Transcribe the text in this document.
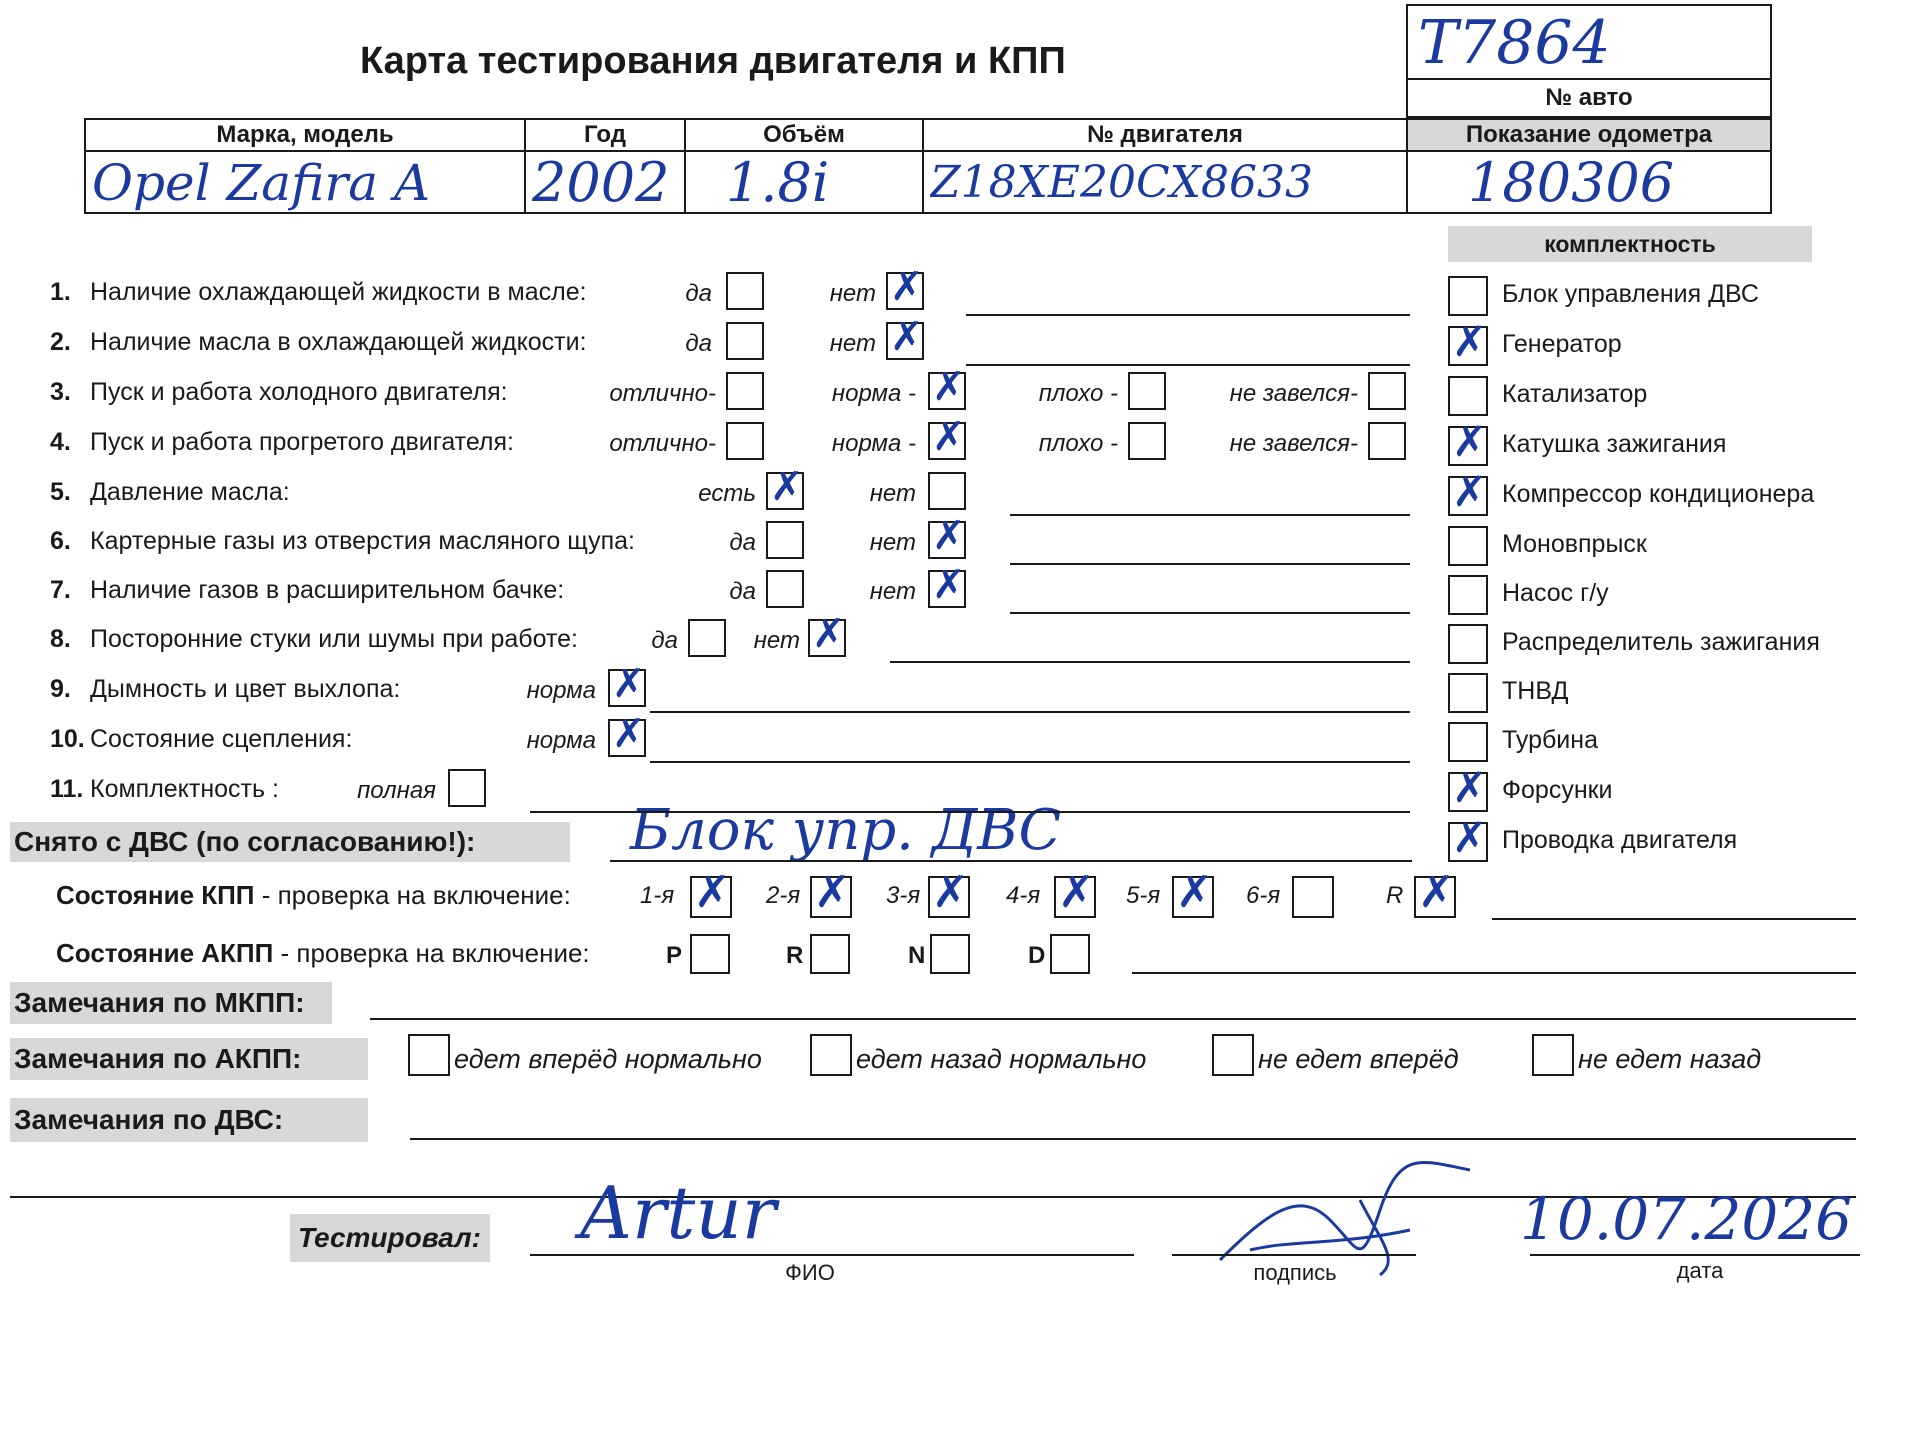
Карта тестирования двигателя и КПП	T7864
№ авто
Марка, модель
Opel Zafira A
Год
2002
Объём
1.8i
№ двигателя
Z18XE20CX8633
Показание одометра
180306
комплектность
Снято с ДВС (по согласованию!):	Блок упр. ДВС
Состояние КПП - проверка на включение:
Состояние АКПП - проверка на включение:
Замечания по МКПП:
Замечания по АКПП:
Замечания по ДВС:
Тестировал: Artur
ФИО	подпись
10.07.2026
дата
1. Наличие охлаждающей жидкости в масле:	да	нет ✗
2. Наличие масла в охлаждающей жидкости:	да	нет ✗
3. Пуск и работа холодного двигателя:	отлично-	норма - ✗	плохо -	не завелся-
4. Пуск и работа прогретого двигателя:	отлично-	норма - ✗	плохо -	не завелся-
5. Давление масла:	есть ✗	нет
6. Картерные газы из отверстия масляного щупа:	да	нет ✗
7. Наличие газов в расширительном бачке:	да	нет ✗
8. Посторонние стуки или шумы при работе:	да	нет ✗
9. Дымность и цвет выхлопа:	норма ✗
10. Состояние сцепления:	норма ✗
11. Комплектность :	полная
Блок управления ДВС
✗ Генератор
Катализатор
✗ Катушка зажигания
✗ Компрессор кондиционера
Моновпрыск
Насос г/у
Распределитель зажигания
ТНВД
Турбина
✗ Форсунки
✗ Проводка двигателя
1-я ✗ 2-я ✗ 3-я ✗ 4-я ✗ 5-я ✗ 6-я	R ✗
P	R	N	D
едет вперёд нормально	едет назад нормально	не едет вперёд	не едет назад
